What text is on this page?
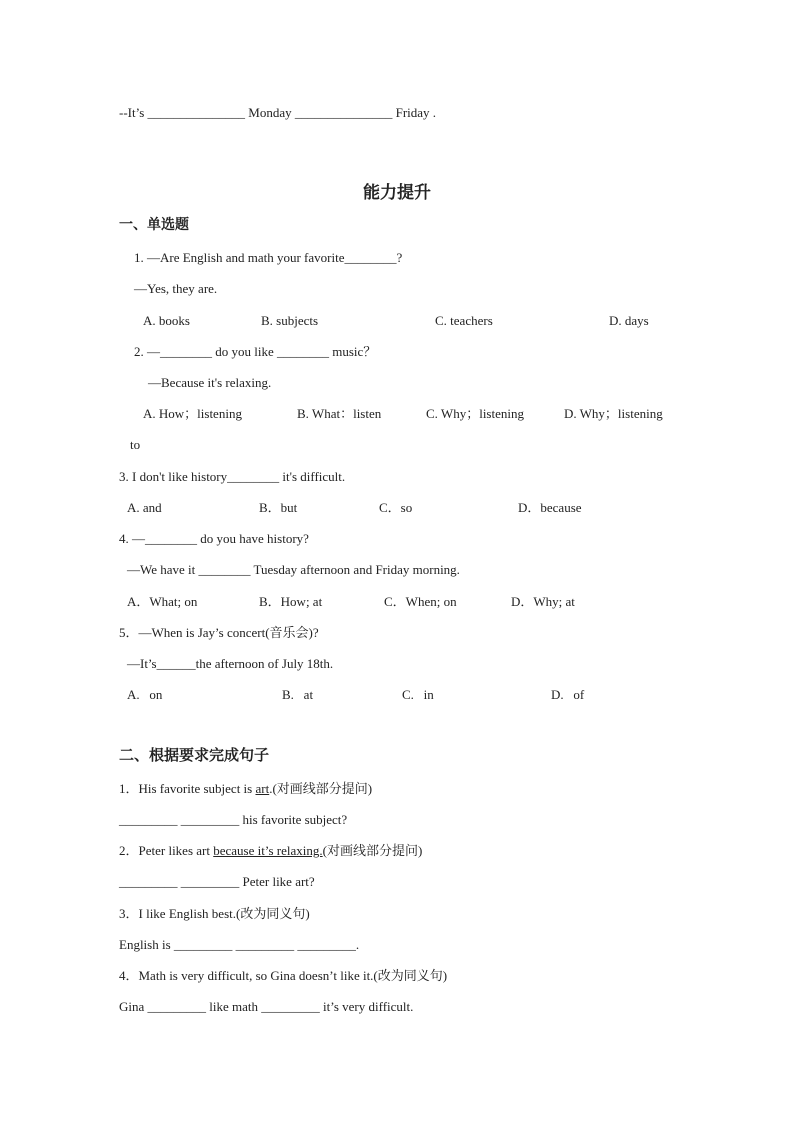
--It’s _______________ Monday _______________ Friday .
能力提升
一、单选题
1. —Are English and math your favorite________?
—Yes, they are.
A. books	B. subjects	C. teachers	D. days
2. —________ do you like ________ music？
—Because it's relaxing.
A. How；listening	B. What：listen	C. Why；listening	D. Why；listening
to
3. I don't like history________ it's difficult.
A. and	B．but	C．so	D．because
4. —________ do you have history?
—We have it ________ Tuesday afternoon and Friday morning.
A．What; on	B．How; at	C．When; on	D．Why; at
5．—When is Jay’s concert(音乐会)?
—It’s______the afternoon of July 18th.
A.   on	B.   at	C.   in	D.   of
二、根据要求完成句子
1．His favorite subject is art.(对画线部分提问)
_________ _________ his favorite subject?
2．Peter likes art because it’s relaxing.(对画线部分提问)
_________ _________ Peter like art?
3．I like English best.(改为同义句)
English is _________ _________ _________.
4．Math is very difficult, so Gina doesn’t like it.(改为同义句)
Gina _________ like math _________ it’s very difficult.
